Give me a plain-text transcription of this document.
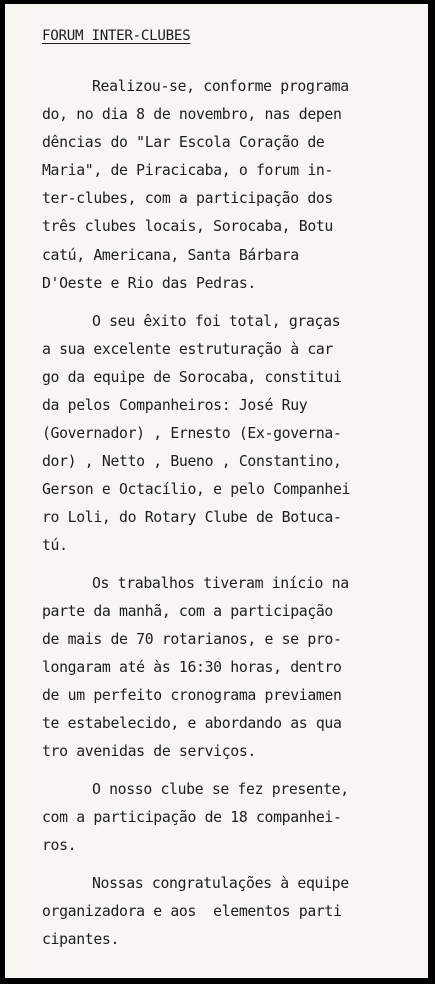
FORUM INTER-CLUBES
Realizou-se, conforme programa
do, no dia 8 de novembro, nas depen
dências do "Lar Escola Coração de
Maria", de Piracicaba, o forum in-
ter-clubes, com a participação dos
três clubes locais, Sorocaba, Botu
catú, Americana, Santa Bárbara
D'Oeste e Rio das Pedras.
O seu êxito foi total, graças
a sua excelente estruturação à car
go da equipe de Sorocaba, constitui
da pelos Companheiros: José Ruy
(Governador) , Ernesto (Ex-governa-
dor) , Netto , Bueno , Constantino,
Gerson e Octacílio, e pelo Companhei
ro Loli, do Rotary Clube de Botuca-
tú.
Os trabalhos tiveram início na
parte da manhã, com a participação
de mais de 70 rotarianos, e se pro-
longaram até às 16:30 horas, dentro
de um perfeito cronograma previamen
te estabelecido, e abordando as qua
tro avenidas de serviços.
O nosso clube se fez presente,
com a participação de 18 companhei-
ros.
Nossas congratulações à equipe
organizadora e aos  elementos parti
cipantes.
